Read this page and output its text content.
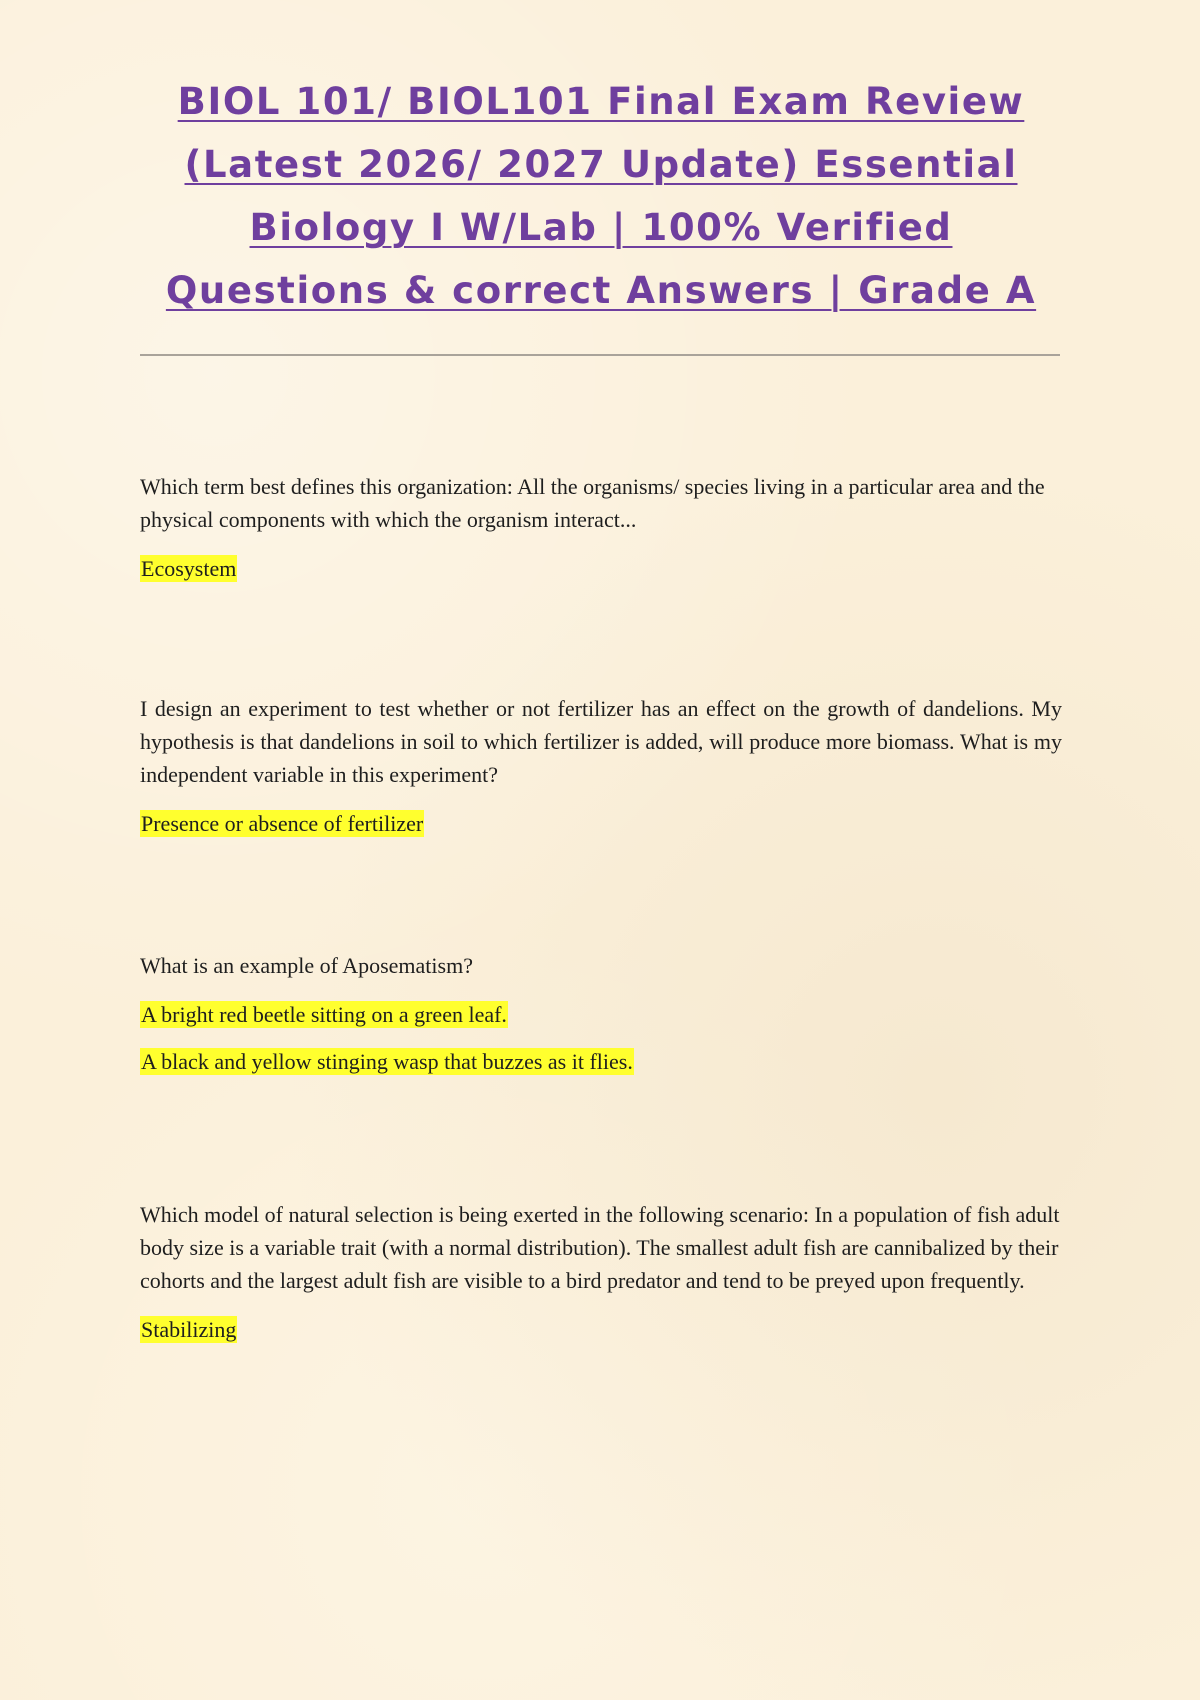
BIOL 101/ BIOL101 Final Exam Review (Latest 2026/ 2027 Update) Essential Biology I W/Lab | 100% Verified Questions & correct Answers | Grade A

Which term best defines this organization: All the organisms/ species living in a particular area and the physical components with which the organism interact...

Ecosystem

I design an experiment to test whether or not fertilizer has an effect on the growth of dandelions. My hypothesis is that dandelions in soil to which fertilizer is added, will produce more biomass. What is my independent variable in this experiment?

Presence or absence of fertilizer

What is an example of Aposematism?

A bright red beetle sitting on a green leaf.

A black and yellow stinging wasp that buzzes as it flies.

Which model of natural selection is being exerted in the following scenario: In a population of fish adult body size is a variable trait (with a normal distribution). The smallest adult fish are cannibalized by their cohorts and the largest adult fish are visible to a bird predator and tend to be preyed upon frequently.

Stabilizing
